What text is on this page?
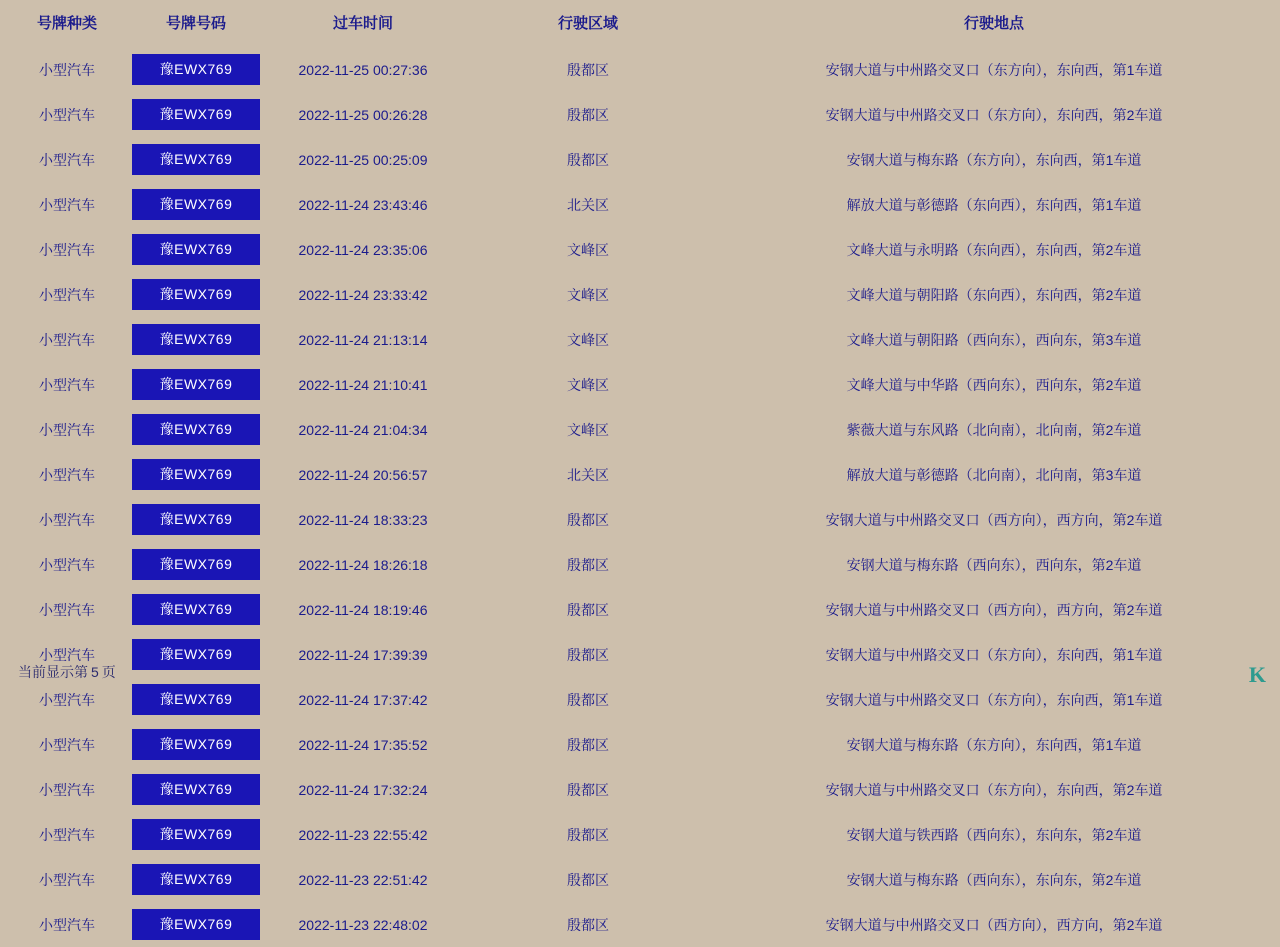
号牌种类	号牌号码	过车时间	行驶区域	行驶地点
小型汽车	豫EWX769	2022-11-25 00:27:36	殷都区	安钢大道与中州路交叉口（东方向），东向西，第1车道
小型汽车	豫EWX769	2022-11-25 00:26:28	殷都区	安钢大道与中州路交叉口（东方向），东向西，第2车道
小型汽车	豫EWX769	2022-11-25 00:25:09	殷都区	安钢大道与梅东路（东方向），东向西，第1车道
小型汽车	豫EWX769	2022-11-24 23:43:46	北关区	解放大道与彰德路（东向西），东向西，第1车道
小型汽车	豫EWX769	2022-11-24 23:35:06	文峰区	文峰大道与永明路（东向西），东向西，第2车道
小型汽车	豫EWX769	2022-11-24 23:33:42	文峰区	文峰大道与朝阳路（东向西），东向西，第2车道
小型汽车	豫EWX769	2022-11-24 21:13:14	文峰区	文峰大道与朝阳路（西向东），西向东，第3车道
小型汽车	豫EWX769	2022-11-24 21:10:41	文峰区	文峰大道与中华路（西向东），西向东，第2车道
小型汽车	豫EWX769	2022-11-24 21:04:34	文峰区	紫薇大道与东风路（北向南），北向南，第2车道
小型汽车	豫EWX769	2022-11-24 20:56:57	北关区	解放大道与彰德路（北向南），北向南，第3车道
小型汽车	豫EWX769	2022-11-24 18:33:23	殷都区	安钢大道与中州路交叉口（西方向），西方向，第2车道
小型汽车	豫EWX769	2022-11-24 18:26:18	殷都区	安钢大道与梅东路（西向东），西向东，第2车道
小型汽车	豫EWX769	2022-11-24 18:19:46	殷都区	安钢大道与中州路交叉口（西方向），西方向，第2车道
小型汽车	豫EWX769	2022-11-24 17:39:39	殷都区	安钢大道与中州路交叉口（东方向），东向西，第1车道
小型汽车	豫EWX769	2022-11-24 17:37:42	殷都区	安钢大道与中州路交叉口（东方向），东向西，第1车道
小型汽车	豫EWX769	2022-11-24 17:35:52	殷都区	安钢大道与梅东路（东方向），东向西，第1车道
小型汽车	豫EWX769	2022-11-24 17:32:24	殷都区	安钢大道与中州路交叉口（东方向），东向西，第2车道
小型汽车	豫EWX769	2022-11-23 22:55:42	殷都区	安钢大道与铁西路（西向东），东向东，第2车道
小型汽车	豫EWX769	2022-11-23 22:51:42	殷都区	安钢大道与梅东路（西向东），东向东，第2车道
小型汽车	豫EWX769	2022-11-23 22:48:02	殷都区	安钢大道与中州路交叉口（西方向），西方向，第2车道
当前显示第 5 页	K
